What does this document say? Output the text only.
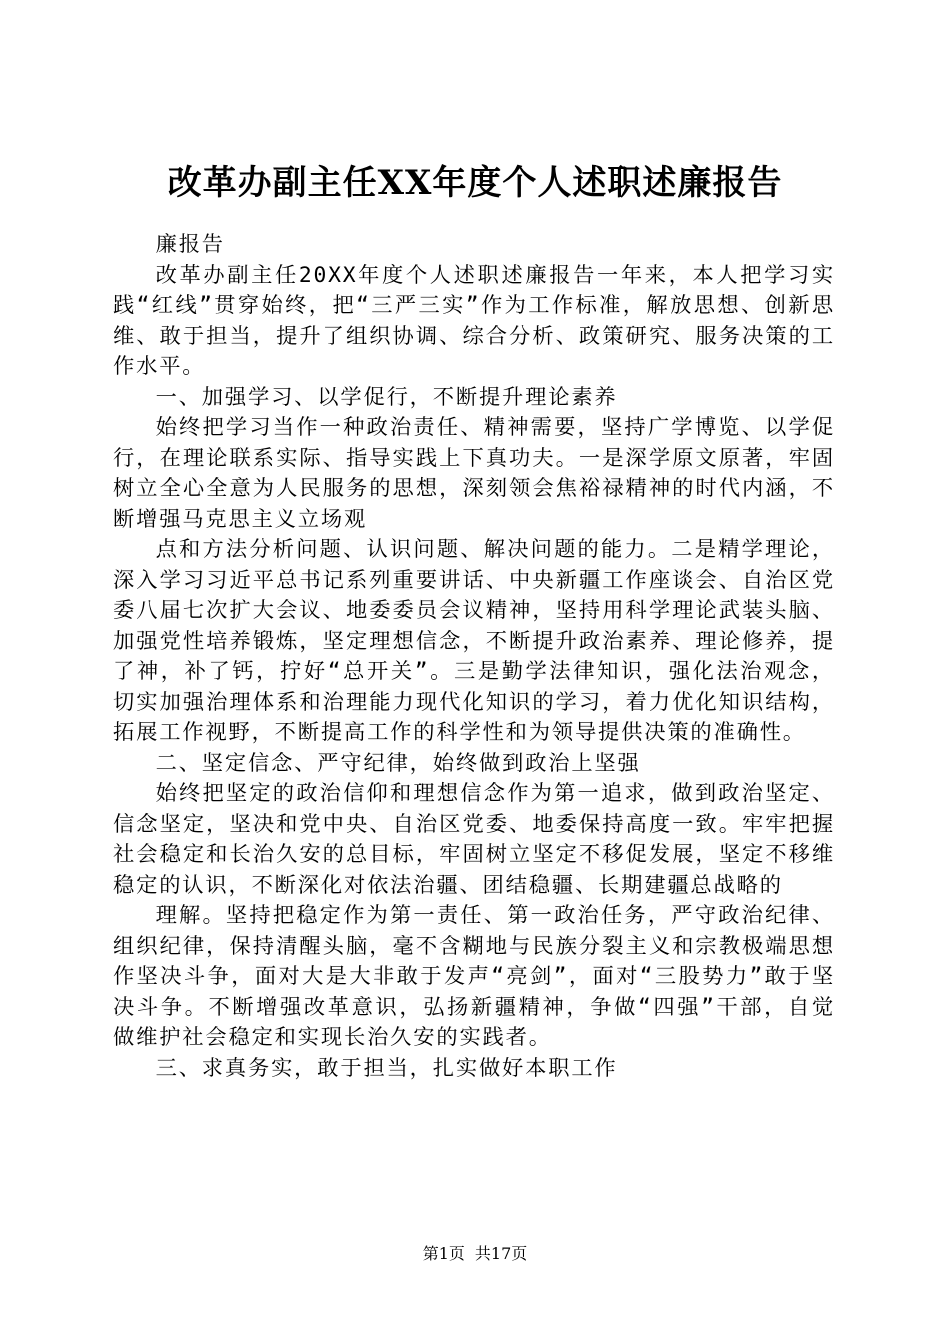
改革办副主任XX年度个人述职述廉报告

廉报告

改革办副主任20XX年度个人述职述廉报告一年来，本人把学习实践“红线”贯穿始终，把“三严三实”作为工作标准，解放思想、创新思维、敢于担当，提升了组织协调、综合分析、政策研究、服务决策的工作水平。

一、加强学习、以学促行，不断提升理论素养

始终把学习当作一种政治责任、精神需要，坚持广学博览、以学促行，在理论联系实际、指导实践上下真功夫。一是深学原文原著，牢固树立全心全意为人民服务的思想，深刻领会焦裕禄精神的时代内涵，不断增强马克思主义立场观

点和方法分析问题、认识问题、解决问题的能力。二是精学理论，深入学习习近平总书记系列重要讲话、中央新疆工作座谈会、自治区党委八届七次扩大会议、地委委员会议精神，坚持用科学理论武装头脑、加强党性培养锻炼，坚定理想信念，不断提升政治素养、理论修养，提了神，补了钙，拧好“总开关”。三是勤学法律知识，强化法治观念，切实加强治理体系和治理能力现代化知识的学习，着力优化知识结构，拓展工作视野，不断提高工作的科学性和为领导提供决策的准确性。

二、坚定信念、严守纪律，始终做到政治上坚强

始终把坚定的政治信仰和理想信念作为第一追求，做到政治坚定、信念坚定，坚决和党中央、自治区党委、地委保持高度一致。牢牢把握社会稳定和长治久安的总目标，牢固树立坚定不移促发展，坚定不移维稳定的认识，不断深化对依法治疆、团结稳疆、长期建疆总战略的

理解。坚持把稳定作为第一责任、第一政治任务，严守政治纪律、组织纪律，保持清醒头脑，毫不含糊地与民族分裂主义和宗教极端思想作坚决斗争，面对大是大非敢于发声“亮剑”，面对“三股势力”敢于坚决斗争。不断增强改革意识，弘扬新疆精神，争做“四强”干部，自觉做维护社会稳定和实现长治久安的实践者。

三、求真务实，敢于担当，扎实做好本职工作

第1页 共17页
